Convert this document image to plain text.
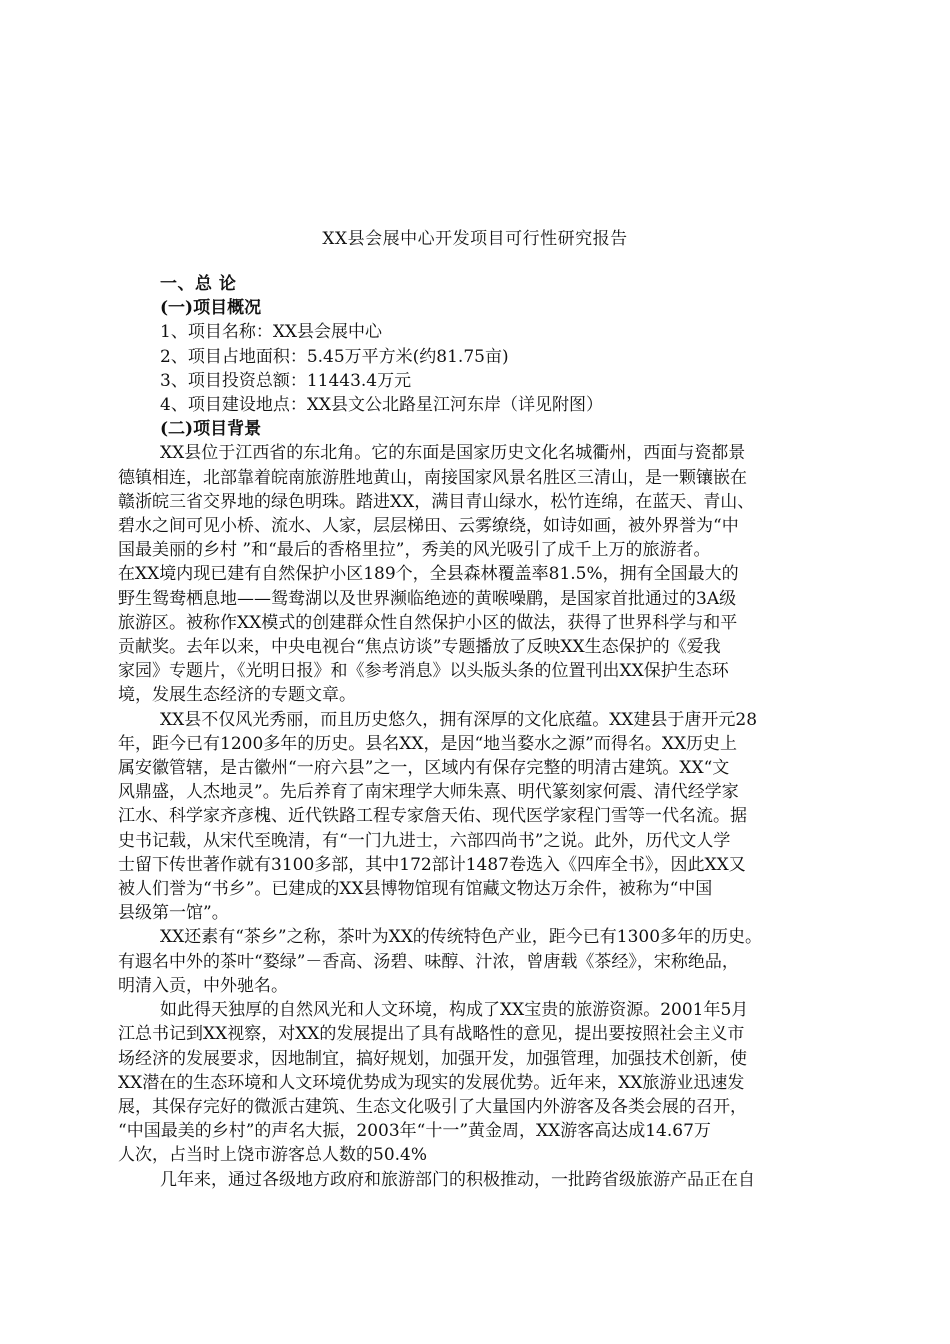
XX县会展中心开发项目可行性研究报告
一、总 论
(一)项目概况
1、项目名称：XX县会展中心
2、项目占地面积：5.45万平方米(约81.75亩)
3、项目投资总额：11443.4万元
4、项目建设地点：XX县文公北路星江河东岸（详见附图）
(二)项目背景
XX县位于江西省的东北角。它的东面是国家历史文化名城衢州，西面与瓷都景
德镇相连，北部靠着皖南旅游胜地黄山，南接国家风景名胜区三清山，是一颗镶嵌在
赣浙皖三省交界地的绿色明珠。踏进XX，满目青山绿水，松竹连绵，在蓝天、青山、
碧水之间可见小桥、流水、人家，层层梯田、云雾缭绕，如诗如画，被外界誉为“中
国最美丽的乡村 ”和“最后的香格里拉”，秀美的风光吸引了成千上万的旅游者。
在XX境内现已建有自然保护小区189个，全县森林覆盖率81.5%，拥有全国最大的
野生鸳鸯栖息地——鸳鸯湖以及世界濒临绝迹的黄喉噪鹛，是国家首批通过的3A级
旅游区。被称作XX模式的创建群众性自然保护小区的做法，获得了世界科学与和平
贡献奖。去年以来，中央电视台“焦点访谈”专题播放了反映XX生态保护的《爱我
家园》专题片，《光明日报》和《参考消息》以头版头条的位置刊出XX保护生态环
境，发展生态经济的专题文章。
XX县不仅风光秀丽，而且历史悠久，拥有深厚的文化底蕴。XX建县于唐开元28
年，距今已有1200多年的历史。县名XX，是因“地当婺水之源”而得名。XX历史上
属安徽管辖，是古徽州“一府六县”之一，区域内有保存完整的明清古建筑。XX“文
风鼎盛，人杰地灵”。先后养育了南宋理学大师朱熹、明代篆刻家何震、清代经学家
江水、科学家齐彦槐、近代铁路工程专家詹天佑、现代医学家程门雪等一代名流。据
史书记载，从宋代至晚清，有“一门九进士，六部四尚书”之说。此外，历代文人学
士留下传世著作就有3100多部，其中172部计1487卷选入《四库全书》，因此XX又
被人们誉为“书乡”。已建成的XX县博物馆现有馆藏文物达万余件，被称为“中国
县级第一馆”。
XX还素有“茶乡”之称，茶叶为XX的传统特色产业，距今已有1300多年的历史。
有遐名中外的茶叶“婺绿”－香高、汤碧、味醇、汁浓，曾唐载《茶经》，宋称绝品，
明清入贡，中外驰名。
如此得天独厚的自然风光和人文环境，构成了XX宝贵的旅游资源。2001年5月
江总书记到XX视察，对XX的发展提出了具有战略性的意见，提出要按照社会主义市
场经济的发展要求，因地制宜，搞好规划，加强开发，加强管理，加强技术创新，使
XX潜在的生态环境和人文环境优势成为现实的发展优势。近年来，XX旅游业迅速发
展，其保存完好的微派古建筑、生态文化吸引了大量国内外游客及各类会展的召开，
“中国最美的乡村”的声名大振，2003年“十一”黄金周，XX游客高达成14.67万
人次，占当时上饶市游客总人数的50.4%
几年来，通过各级地方政府和旅游部门的积极推动，一批跨省级旅游产品正在自
